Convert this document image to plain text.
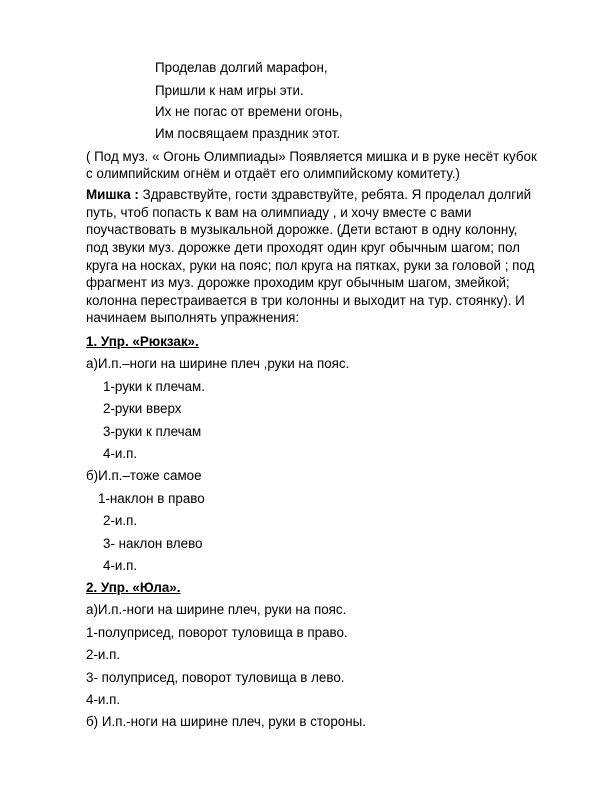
Проделав долгий марафон,
Пришли к нам игры эти.
Их не погас от времени огонь,
Им посвящаем праздник этот.
( Под муз. « Огонь Олимпиады» Появляется мишка и в руке несёт кубок
с олимпийским огнём и отдаёт его олимпийскому комитету.)
Мишка : Здравствуйте, гости здравствуйте, ребята. Я проделал долгий
путь, чтоб попасть к вам на олимпиаду , и хочу вместе с вами
поучаствовать в музыкальной дорожке. (Дети встают в одну колонну,
под звуки муз. дорожке дети проходят один круг обычным шагом; пол
круга на носках, руки на пояс; пол круга на пятках, руки за головой ; под
фрагмент из муз. дорожке проходим круг обычным шагом, змейкой;
колонна перестраивается в три колонны и выходит на тур. стоянку). И
начинаем выполнять упражнения:
1. Упр. «Рюкзак».
а)И.п.–ноги на ширине плеч ,руки на пояс.
1-руки к плечам.
2-руки вверх
3-руки к плечам
4-и.п.
б)И.п.–тоже самое
1-наклон в право
2-и.п.
3- наклон влево
4-и.п.
2. Упр. «Юла».
а)И.п.-ноги на ширине плеч, руки на пояс.
1-полуприсед, поворот туловища в право.
2-и.п.
3- полуприсед, поворот туловища в лево.
4-и.п.
б) И.п.-ноги на ширине плеч, руки в стороны.
